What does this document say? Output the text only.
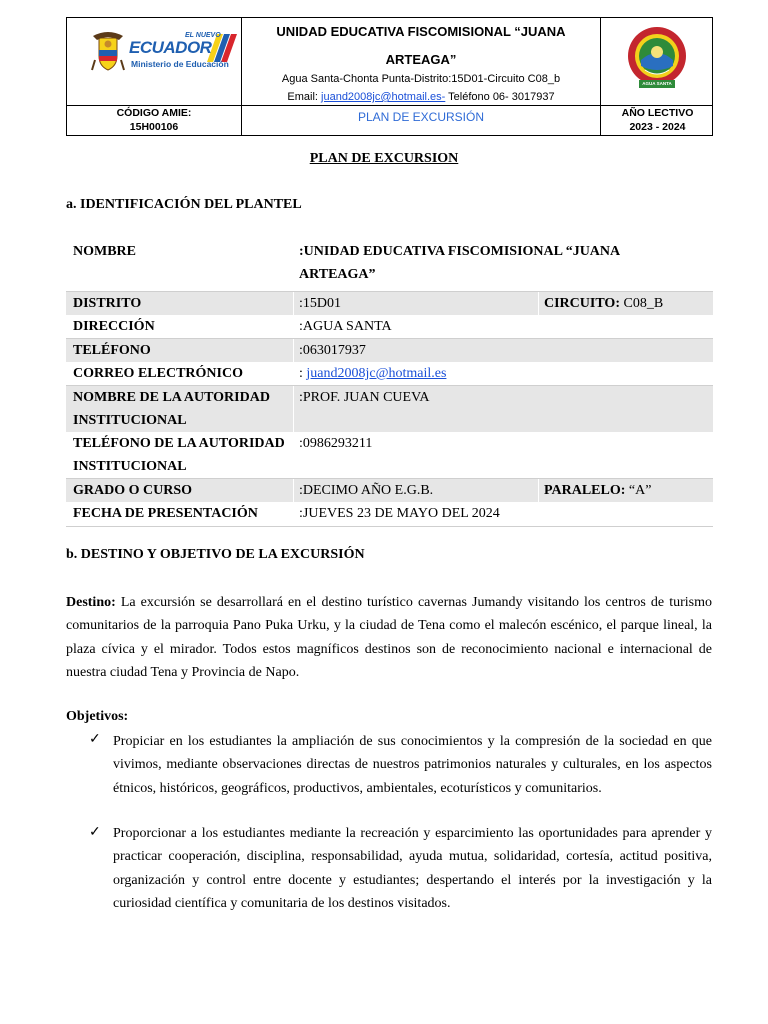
EL NUEVO
ECUADOR
Ministerio de Educación
UNIDAD EDUCATIVA FISCOMISIONAL “JUANA ARTEAGA”
Agua Santa-Chonta Punta-Distrito:15D01-Circuito C08_b
Email: juand2008jc@hotmail.es- Teléfono 06- 3017937
AGUA SANTA
CÓDIGO AMIE:
15H00106
PLAN DE EXCURSIÓN	AÑO LECTIVO
2023 - 2024
PLAN DE EXCURSION
a. IDENTIFICACIÓN DEL PLANTEL
NOMBRE	:UNIDAD EDUCATIVA FISCOMISIONAL “JUANA ARTEAGA”
DISTRITO	:15D01	CIRCUITO: C08_B
DIRECCIÓN	:AGUA SANTA
TELÉFONO	:063017937
CORREO ELECTRÓNICO	: juand2008jc@hotmail.es
NOMBRE DE LA AUTORIDAD INSTITUCIONAL
:PROF. JUAN CUEVA
TELÉFONO DE LA AUTORIDAD INSTITUCIONAL
:0986293211
GRADO O CURSO	:DECIMO AÑO E.G.B.	PARALELO: “A”
FECHA DE PRESENTACIÓN	:JUEVES 23 DE MAYO DEL 2024
b. DESTINO Y OBJETIVO DE LA EXCURSIÓN
Destino: La excursión se desarrollará en el destino turístico cavernas Jumandy visitando los centros de turismo comunitarios de la parroquia Pano Puka Urku, y la ciudad de Tena como el malecón escénico, el parque lineal, la plaza cívica y el mirador. Todos estos magníficos destinos son de reconocimiento nacional e internacional de nuestra ciudad Tena y Provincia de Napo.
Objetivos:
✓ Propiciar en los estudiantes la ampliación de sus conocimientos y la compresión de la sociedad en que vivimos, mediante observaciones directas de nuestros patrimonios naturales y culturales, en los aspectos étnicos, históricos, geográficos, productivos, ambientales, ecoturísticos y comunitarios.
✓ Proporcionar a los estudiantes mediante la recreación y esparcimiento las oportunidades para aprender y practicar cooperación, disciplina, responsabilidad, ayuda mutua, solidaridad, cortesía, actitud positiva, organización y control entre docente y estudiantes; despertando el interés por la investigación y la curiosidad científica y comunitaria de los destinos visitados.
